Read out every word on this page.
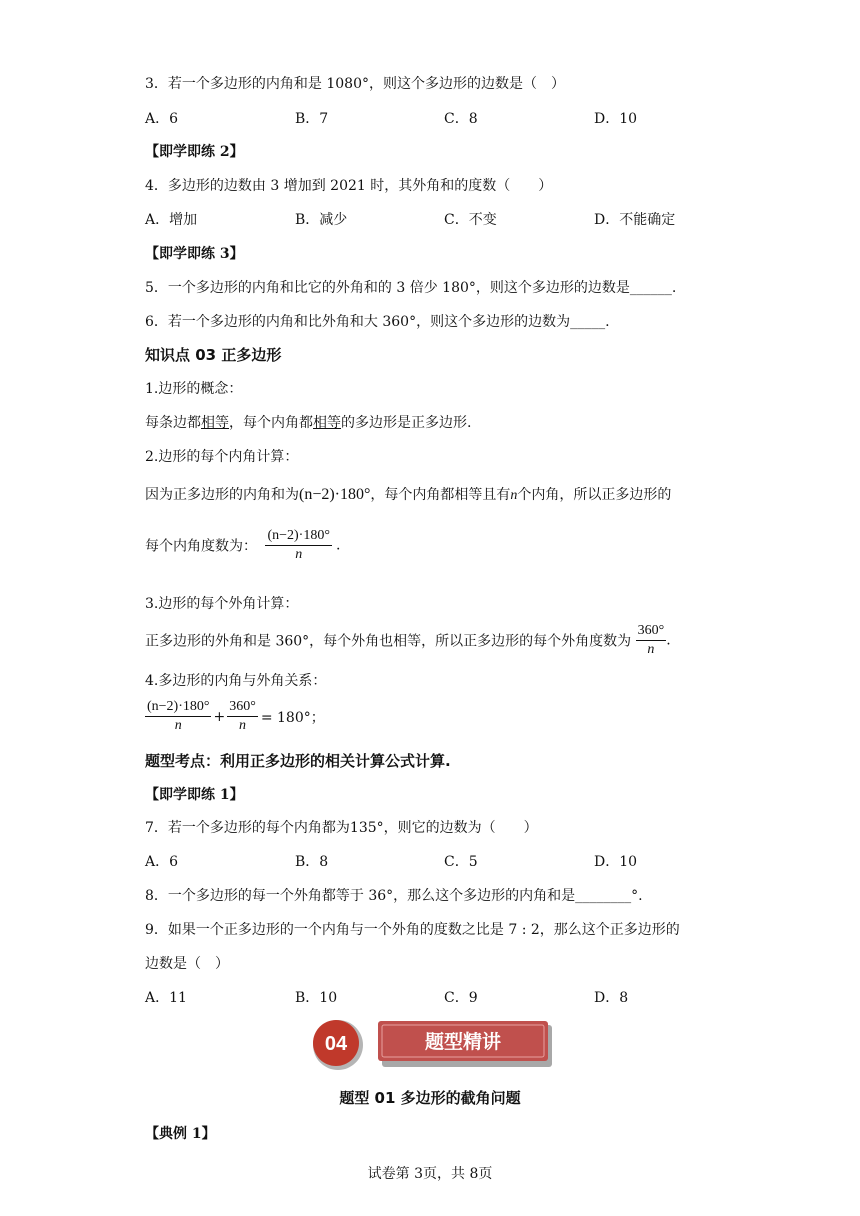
3．若一个多边形的内角和是 1080°，则这个多边形的边数是（　）
A．6	B．7	C．8	D．10
【即学即练 2】
4．多边形的边数由 3 增加到 2021 时，其外角和的度数（　　）
A．增加	B．减少	C．不变	D．不能确定
【即学即练 3】
5．一个多边形的内角和比它的外角和的 3 倍少 180°，则这个多边形的边数是______.
6．若一个多边形的内角和比外角和大 360°，则这个多边形的边数为_____.
知识点 03 正多边形
1.边形的概念：
每条边都相等，每个内角都相等的多边形是正多边形.
2.边形的每个内角计算：
因为正多边形的内角和为(n−2)·180°，每个内角都相等且有n个内角，所以正多边形的
每个内角度数为： $\frac{(n-2)\cdot 180^\circ}{n}$ .
3.边形的每个外角计算：
正多边形的外角和是 360°，每个外角也相等，所以正多边形的每个外角度数为 $\frac{360^\circ}{n}$ .
4.多边形的内角与外角关系：
$\frac{(n-2)\cdot 180^\circ}{n} + \frac{360^\circ}{n} = 180^\circ$；
题型考点：利用正多边形的相关计算公式计算.
【即学即练 1】
7．若一个多边形的每个内角都为135°，则它的边数为（　　）
A．6	B．8	C．5	D．10
8．一个多边形的每一个外角都等于 36°，那么这个多边形的内角和是________°.
9．如果一个正多边形的一个内角与一个外角的度数之比是 7 : 2，那么这个正多边形的
边数是（　）
A．11	B．10	C．9	D．8
04	题型精讲
题型 01 多边形的截角问题
【典例 1】
试卷第 3页，共 8页
